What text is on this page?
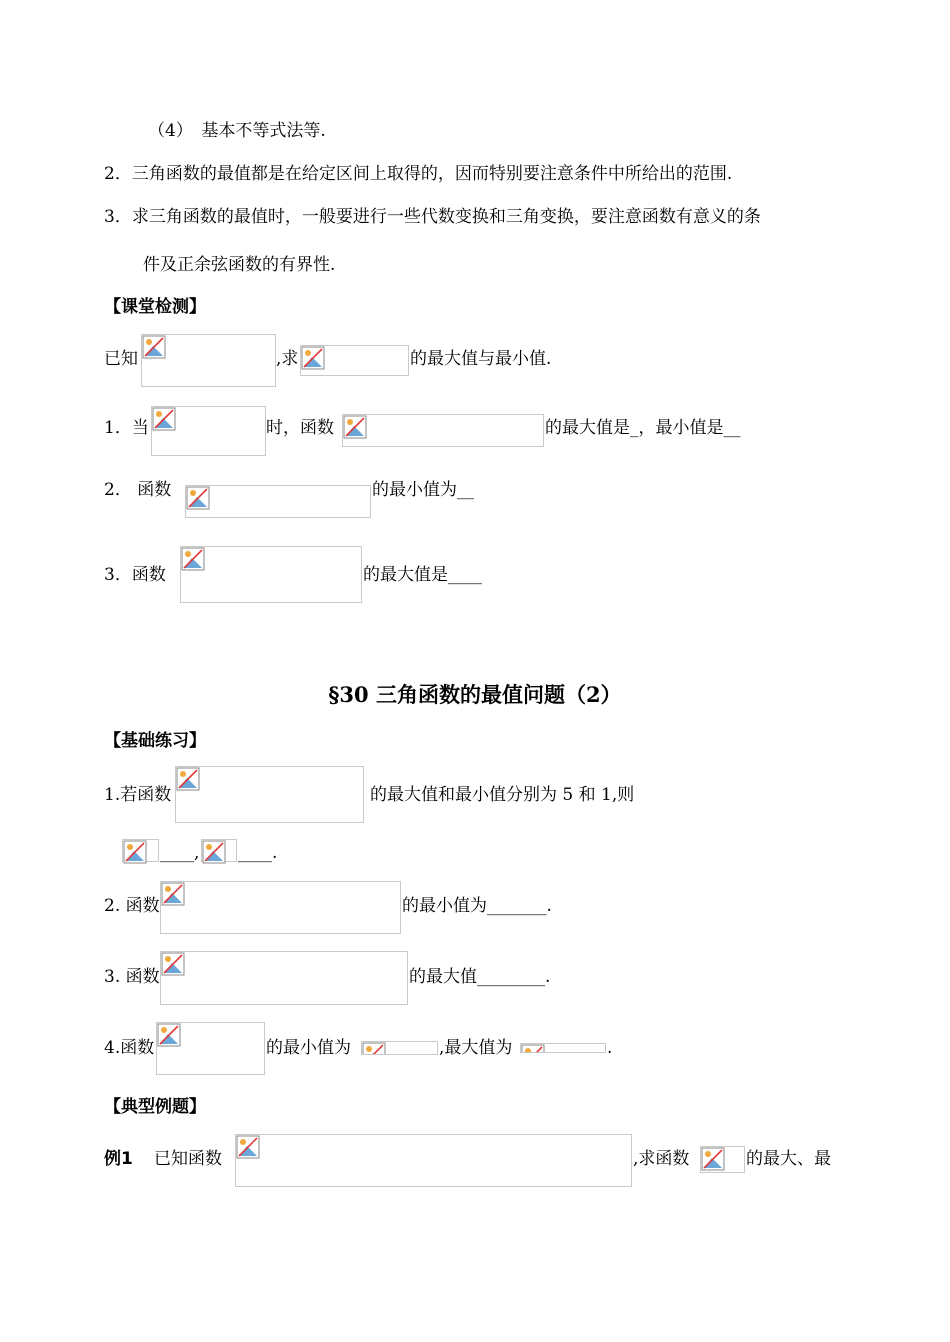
（4）　基本不等式法等.
2．三角函数的最值都是在给定区间上取得的，因而特别要注意条件中所给出的范围.
3．求三角函数的最值时，一般要进行一些代数变换和三角变换，要注意函数有意义的条
件及正余弦函数的有界性.
【课堂检测】
已知	,求	的最大值与最小值.
1．当	时，函数	的最大值是_，最小值是__
2． 函数	的最小值为__
3．函数	的最大值是____
§30 三角函数的最值问题（2）
【基础练习】
1.若函数	的最大值和最小值分别为 5 和 1,则
____, ____.
2. 函数	的最小值为_______.
3. 函数	的最大值________.
4.函数	的最小值为	,最大值为	.
【典型例题】
例1 已知函数	,求函数	的最大、最
